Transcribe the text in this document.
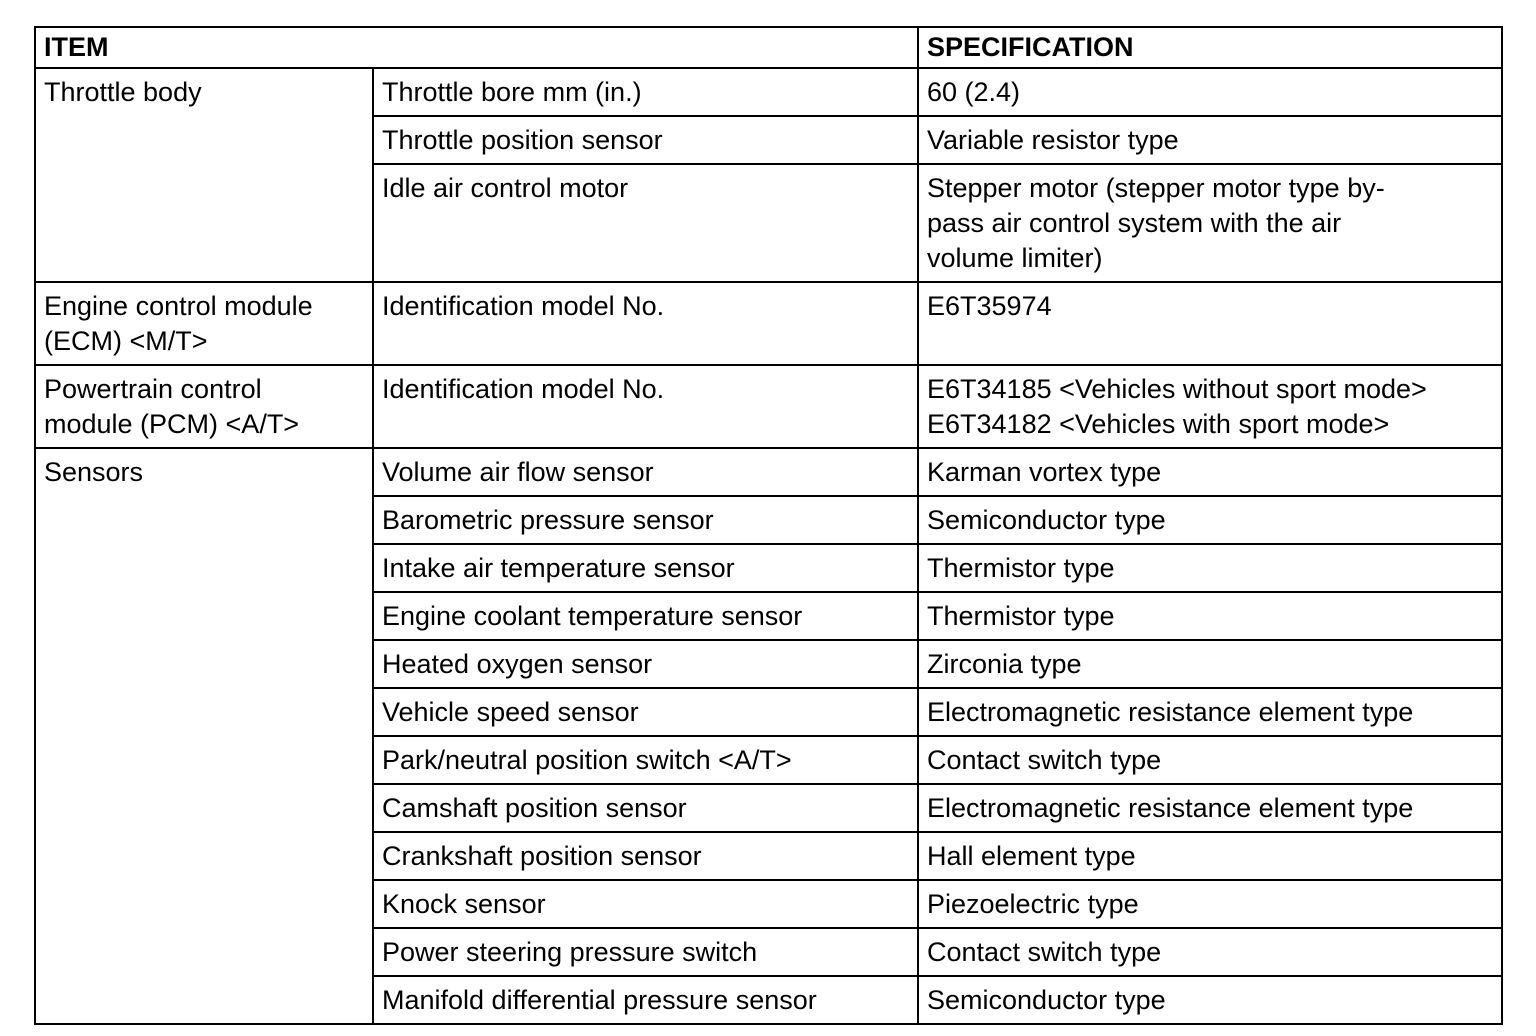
ITEM		SPECIFICATION

Throttle body	Throttle bore mm (in.)	60 (2.4)

	Throttle position sensor	Variable resistor type

	Idle air control motor	Stepper motor (stepper motor type by-
pass air control system with the air
volume limiter)

Engine control module
(ECM) <M/T>	Identification model No.	E6T35974

Powertrain control
module (PCM) <A/T>	Identification model No.	E6T34185 <Vehicles without sport mode>
E6T34182 <Vehicles with sport mode>

Sensors	Volume air flow sensor	Karman vortex type

	Barometric pressure sensor	Semiconductor type

	Intake air temperature sensor	Thermistor type

	Engine coolant temperature sensor	Thermistor type

	Heated oxygen sensor	Zirconia type

	Vehicle speed sensor	Electromagnetic resistance element type

	Park/neutral position switch <A/T>	Contact switch type

	Camshaft position sensor	Electromagnetic resistance element type

	Crankshaft position sensor	Hall element type

	Knock sensor	Piezoelectric type

	Power steering pressure switch	Contact switch type

	Manifold differential pressure sensor	Semiconductor type
